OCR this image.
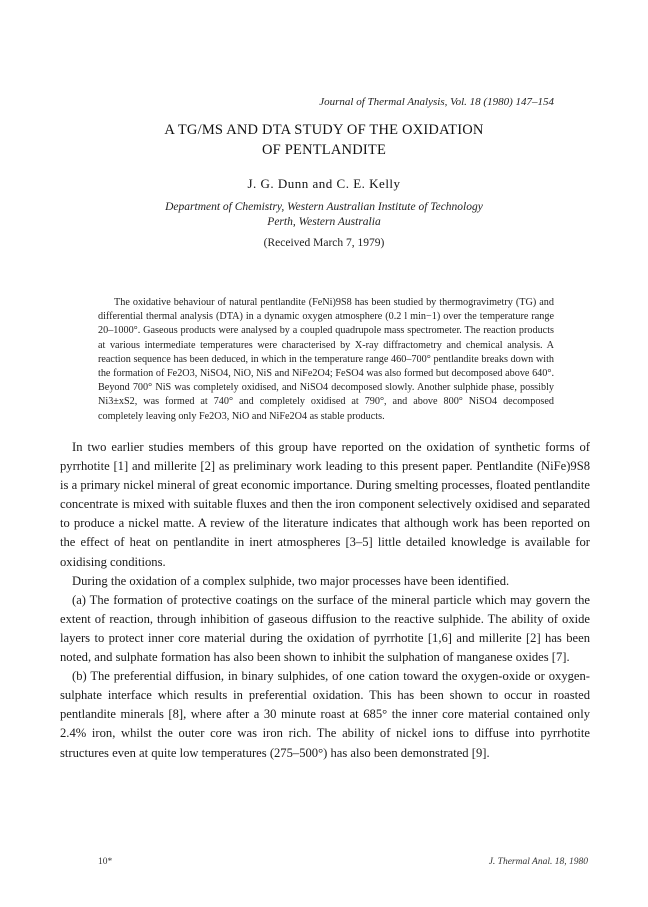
Journal of Thermal Analysis, Vol. 18 (1980) 147–154
A TG/MS AND DTA STUDY OF THE OXIDATION
OF PENTLANDITE
J. G. Dunn and C. E. Kelly
Department of Chemistry, Western Australian Institute of Technology
Perth, Western Australia
(Received March 7, 1979)
The oxidative behaviour of natural pentlandite (FeNi)9S8 has been studied by thermogravimetry (TG) and differential thermal analysis (DTA) in a dynamic oxygen atmosphere (0.2 l min−1) over the temperature range 20–1000°. Gaseous products were analysed by a coupled quadrupole mass spectrometer. The reaction products at various intermediate temperatures were characterised by X-ray diffractometry and chemical analysis. A reaction sequence has been deduced, in which in the temperature range 460–700° pentlandite breaks down with the formation of Fe2O3, NiSO4, NiO, NiS and NiFe2O4; FeSO4 was also formed but decomposed above 640°. Beyond 700° NiS was completely oxidised, and NiSO4 decomposed slowly. Another sulphide phase, possibly Ni3±xS2, was formed at 740° and completely oxidised at 790°, and above 800° NiSO4 decomposed completely leaving only Fe2O3, NiO and NiFe2O4 as stable products.

In two earlier studies members of this group have reported on the oxidation of synthetic forms of pyrrhotite [1] and millerite [2] as preliminary work leading to this present paper. Pentlandite (NiFe)9S8 is a primary nickel mineral of great economic importance. During smelting processes, floated pentlandite concentrate is mixed with suitable fluxes and then the iron component selectively oxidised and separated to produce a nickel matte. A review of the literature indicates that although work has been reported on the effect of heat on pentlandite in inert atmospheres [3–5] little detailed knowledge is available for oxidising conditions.

During the oxidation of a complex sulphide, two major processes have been identified.

(a) The formation of protective coatings on the surface of the mineral particle which may govern the extent of reaction, through inhibition of gaseous diffusion to the reactive sulphide. The ability of oxide layers to protect inner core material during the oxidation of pyrrhotite [1,6] and millerite [2] has been noted, and sulphate formation has also been shown to inhibit the sulphation of manganese oxides [7].

(b) The preferential diffusion, in binary sulphides, of one cation toward the oxygen-oxide or oxygen-sulphate interface which results in preferential oxidation. This has been shown to occur in roasted pentlandite minerals [8], where after a 30 minute roast at 685° the inner core material contained only 2.4% iron, whilst the outer core was iron rich. The ability of nickel ions to diffuse into pyrrhotite structures even at quite low temperatures (275–500°) has also been demonstrated [9].

10*	J. Thermal Anal. 18, 1980
